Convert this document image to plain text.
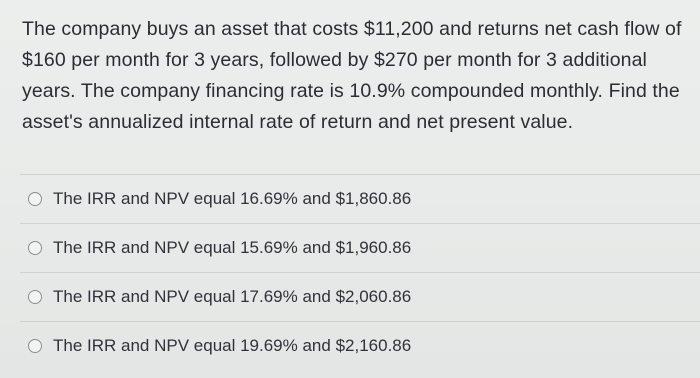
The company buys an asset that costs $11,200 and returns net cash flow of
$160 per month for 3 years, followed by $270 per month for 3 additional
years. The company financing rate is 10.9% compounded monthly. Find the
asset's annualized internal rate of return and net present value.
The IRR and NPV equal 16.69% and $1,860.86
The IRR and NPV equal 15.69% and $1,960.86
The IRR and NPV equal 17.69% and $2,060.86
The IRR and NPV equal 19.69% and $2,160.86
